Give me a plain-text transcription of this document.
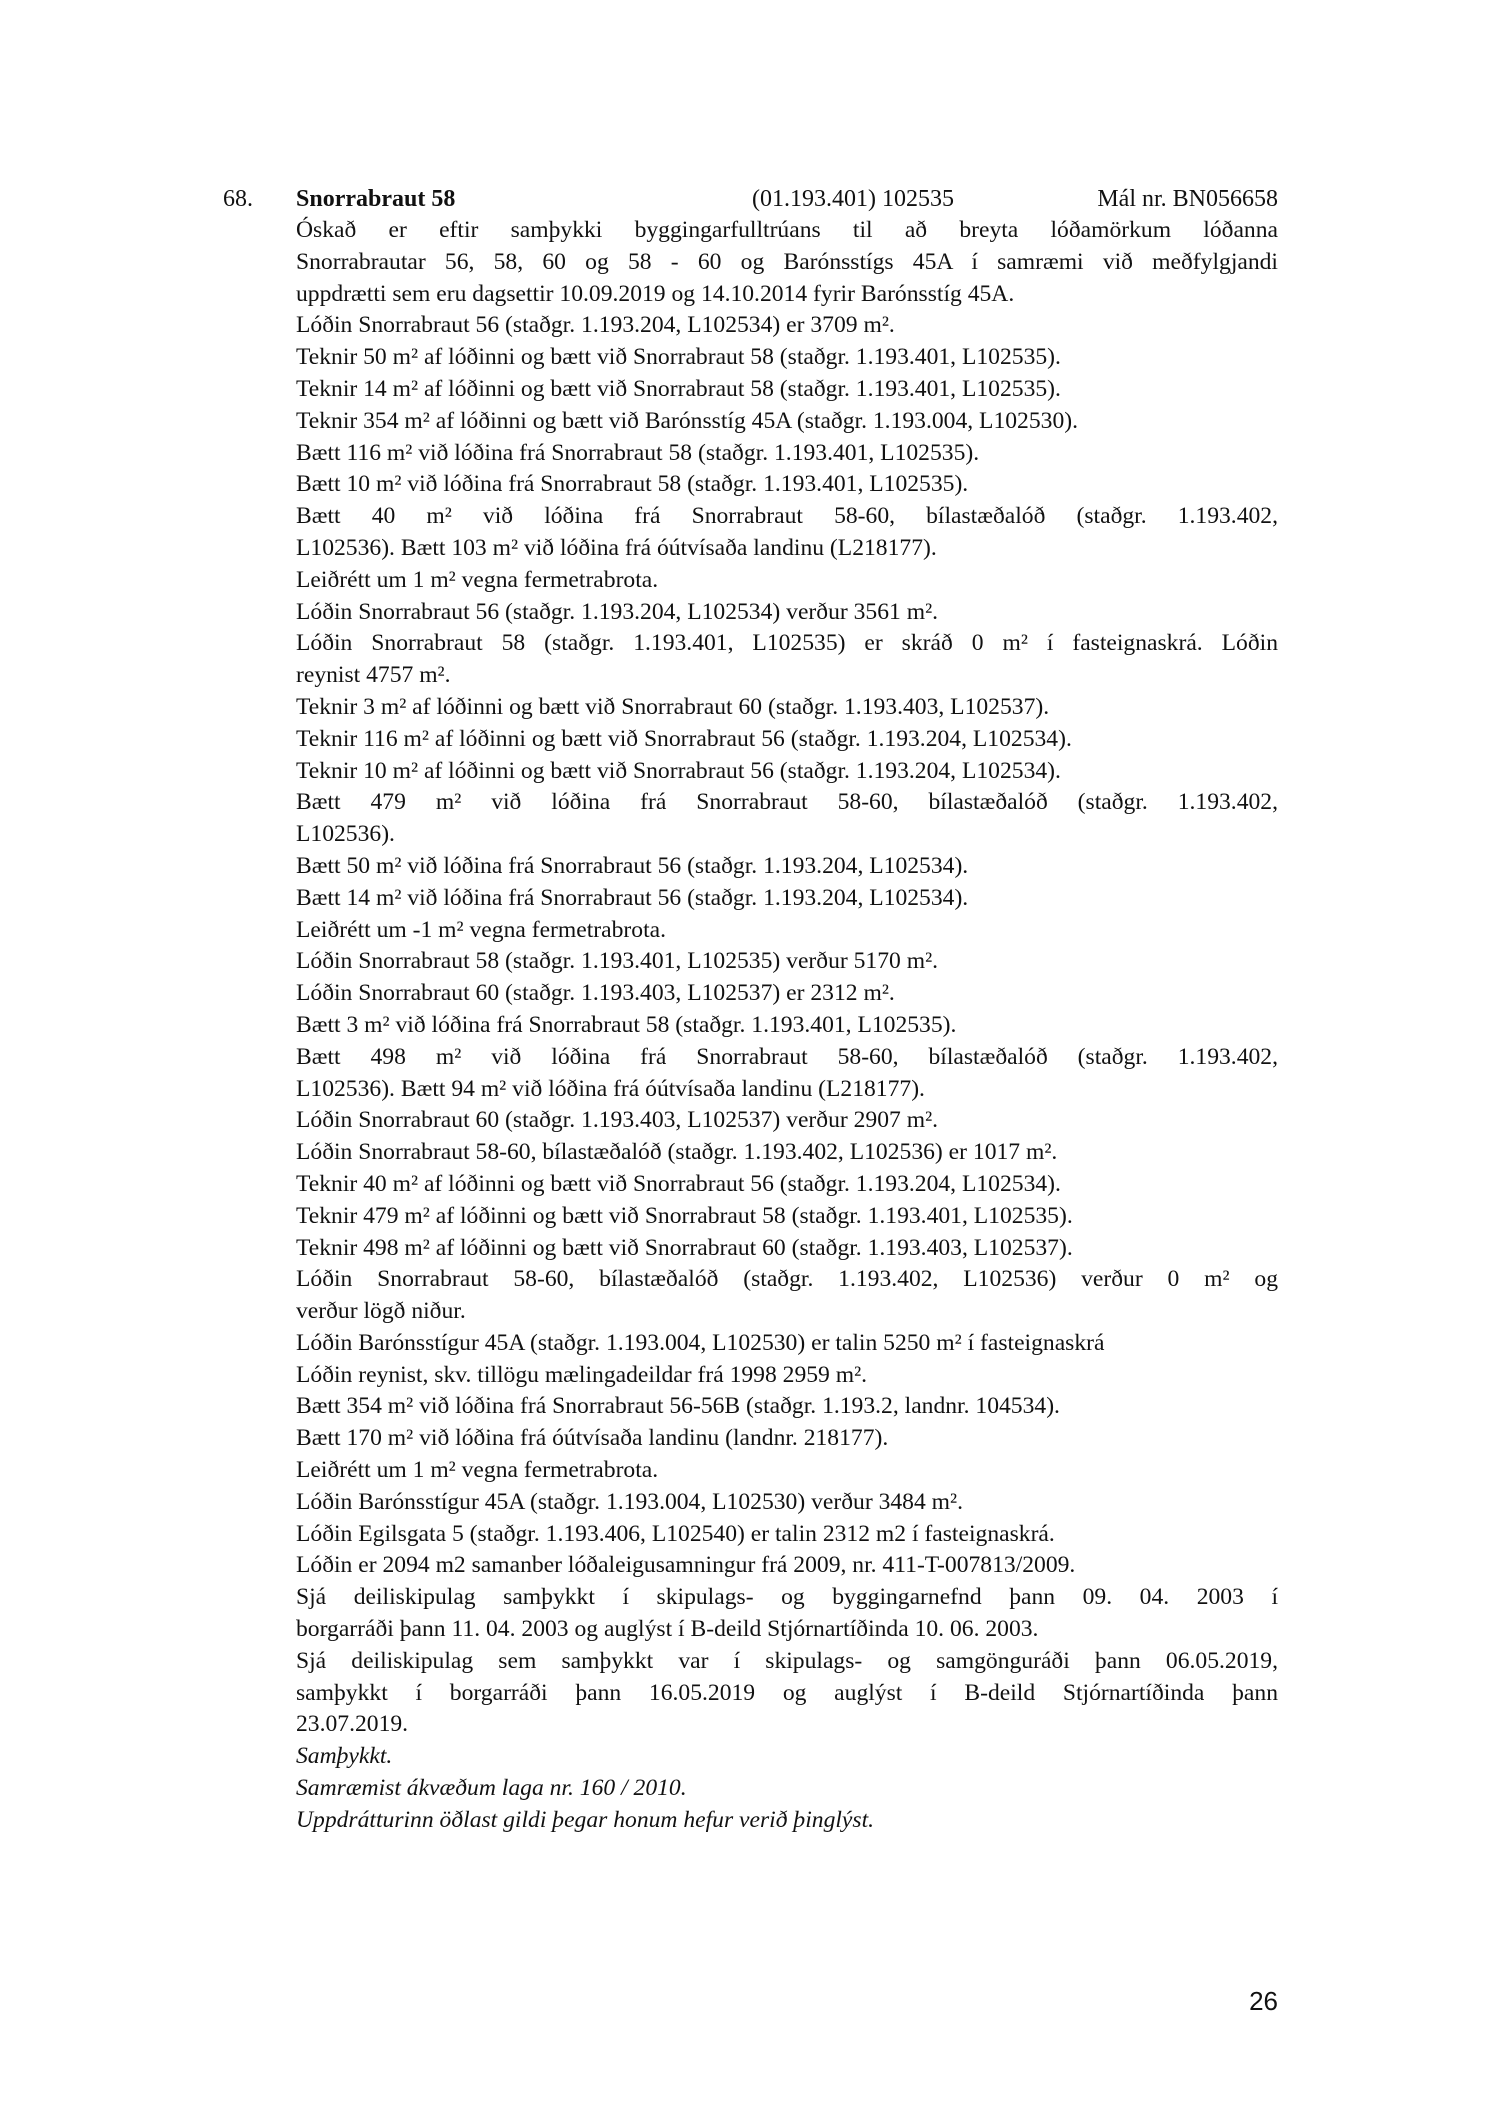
68. Snorrabraut 58	(01.193.401) 102535	Mál nr. BN056658
Óskað er eftir samþykki byggingarfulltrúans til að breyta lóðamörkum lóðanna
Snorrabrautar 56, 58, 60 og 58 - 60 og Barónsstígs 45A í samræmi við meðfylgjandi
uppdrætti sem eru dagsettir 10.09.2019 og 14.10.2014 fyrir Barónsstíg 45A.
Lóðin Snorrabraut 56 (staðgr. 1.193.204, L102534) er 3709 m².
Teknir 50 m² af lóðinni og bætt við Snorrabraut 58 (staðgr. 1.193.401, L102535).
Teknir 14 m² af lóðinni og bætt við Snorrabraut 58 (staðgr. 1.193.401, L102535).
Teknir 354 m² af lóðinni og bætt við Barónsstíg 45A (staðgr. 1.193.004, L102530).
Bætt 116 m² við lóðina frá Snorrabraut 58 (staðgr. 1.193.401, L102535).
Bætt 10 m² við lóðina frá Snorrabraut 58 (staðgr. 1.193.401, L102535).
Bætt 40 m² við lóðina frá Snorrabraut 58-60, bílastæðalóð (staðgr. 1.193.402,
L102536). Bætt 103 m² við lóðina frá óútvísaða landinu (L218177).
Leiðrétt um 1 m² vegna fermetrabrota.
Lóðin Snorrabraut 56 (staðgr. 1.193.204, L102534) verður 3561 m².
Lóðin Snorrabraut 58 (staðgr. 1.193.401, L102535) er skráð 0 m² í fasteignaskrá. Lóðin
reynist 4757 m².
Teknir 3 m² af lóðinni og bætt við Snorrabraut 60 (staðgr. 1.193.403, L102537).
Teknir 116 m² af lóðinni og bætt við Snorrabraut 56 (staðgr. 1.193.204, L102534).
Teknir 10 m² af lóðinni og bætt við Snorrabraut 56 (staðgr. 1.193.204, L102534).
Bætt 479 m² við lóðina frá Snorrabraut 58-60, bílastæðalóð (staðgr. 1.193.402,
L102536).
Bætt 50 m² við lóðina frá Snorrabraut 56 (staðgr. 1.193.204, L102534).
Bætt 14 m² við lóðina frá Snorrabraut 56 (staðgr. 1.193.204, L102534).
Leiðrétt um -1 m² vegna fermetrabrota.
Lóðin Snorrabraut 58 (staðgr. 1.193.401, L102535) verður 5170 m².
Lóðin Snorrabraut 60 (staðgr. 1.193.403, L102537) er 2312 m².
Bætt 3 m² við lóðina frá Snorrabraut 58 (staðgr. 1.193.401, L102535).
Bætt 498 m² við lóðina frá Snorrabraut 58-60, bílastæðalóð (staðgr. 1.193.402,
L102536). Bætt 94 m² við lóðina frá óútvísaða landinu (L218177).
Lóðin Snorrabraut 60 (staðgr. 1.193.403, L102537) verður 2907 m².
Lóðin Snorrabraut 58-60, bílastæðalóð (staðgr. 1.193.402, L102536) er 1017 m².
Teknir 40 m² af lóðinni og bætt við Snorrabraut 56 (staðgr. 1.193.204, L102534).
Teknir 479 m² af lóðinni og bætt við Snorrabraut 58 (staðgr. 1.193.401, L102535).
Teknir 498 m² af lóðinni og bætt við Snorrabraut 60 (staðgr. 1.193.403, L102537).
Lóðin Snorrabraut 58-60, bílastæðalóð (staðgr. 1.193.402, L102536) verður 0 m² og
verður lögð niður.
Lóðin Barónsstígur 45A (staðgr. 1.193.004, L102530) er talin 5250 m² í fasteignaskrá
Lóðin reynist, skv. tillögu mælingadeildar frá 1998 2959 m².
Bætt 354 m² við lóðina frá Snorrabraut 56-56B (staðgr. 1.193.2, landnr. 104534).
Bætt 170 m² við lóðina frá óútvísaða landinu (landnr. 218177).
Leiðrétt um 1 m² vegna fermetrabrota.
Lóðin Barónsstígur 45A (staðgr. 1.193.004, L102530) verður 3484 m².
Lóðin Egilsgata 5 (staðgr. 1.193.406, L102540) er talin 2312 m2 í fasteignaskrá.
Lóðin er 2094 m2 samanber lóðaleigusamningur frá 2009, nr. 411-T-007813/2009.
Sjá deiliskipulag samþykkt í skipulags- og byggingarnefnd þann 09. 04. 2003 í
borgarráði þann 11. 04. 2003 og auglýst í B-deild Stjórnartíðinda 10. 06. 2003.
Sjá deiliskipulag sem samþykkt var í skipulags- og samgönguráði þann 06.05.2019,
samþykkt í borgarráði þann 16.05.2019 og auglýst í B-deild Stjórnartíðinda þann
23.07.2019.
Samþykkt.
Samræmist ákvæðum laga nr. 160 / 2010.
Uppdrátturinn öðlast gildi þegar honum hefur verið þinglýst.
26
